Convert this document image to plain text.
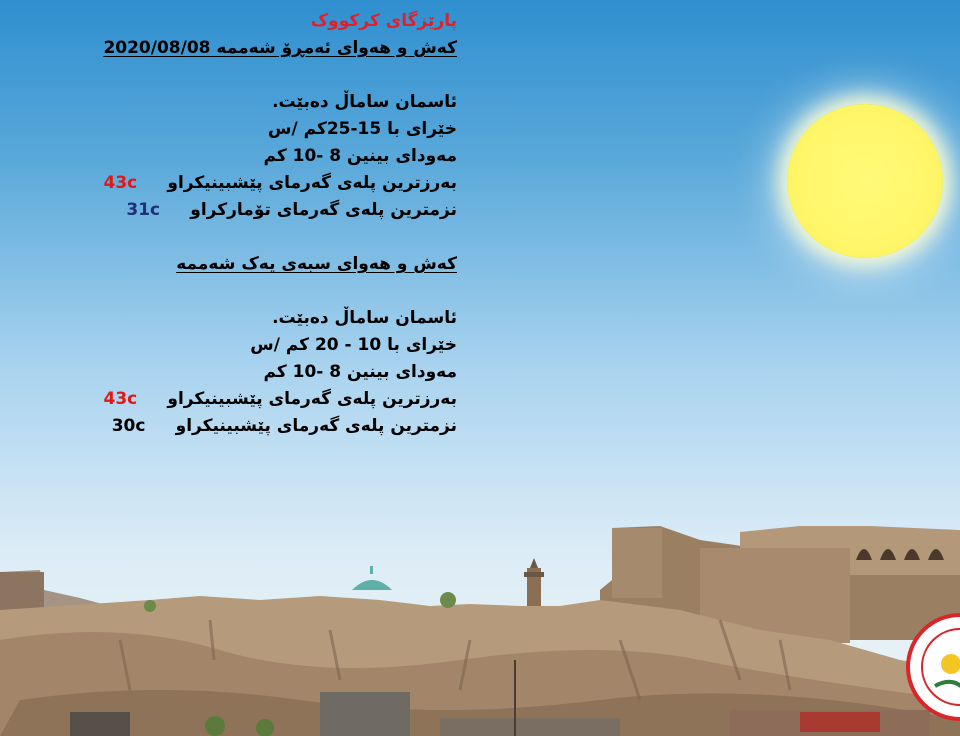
پارێزگای کرکووک
کەش و هەوای ئەمڕۆ شەممە 2020/08/08
ئاسمان ساماڵ دەبێت.
خێرای با 15-25کم /س
مەودای بینین 8 -10 کم
بەرزترین پلەی گەرمای پێشبینیکراو 43c
نزمترین پلەی گەرمای تۆمارکراو 31c
کەش و هەوای سبەی یەک شەممە
ئاسمان ساماڵ دەبێت.
خێرای با 10 - 20 کم /س
مەودای بینین 8 -10 کم
بەرزترین پلەی گەرمای پێشبینیکراو 43c
نزمترین پلەی گەرمای پێشبینیکراو 30c
